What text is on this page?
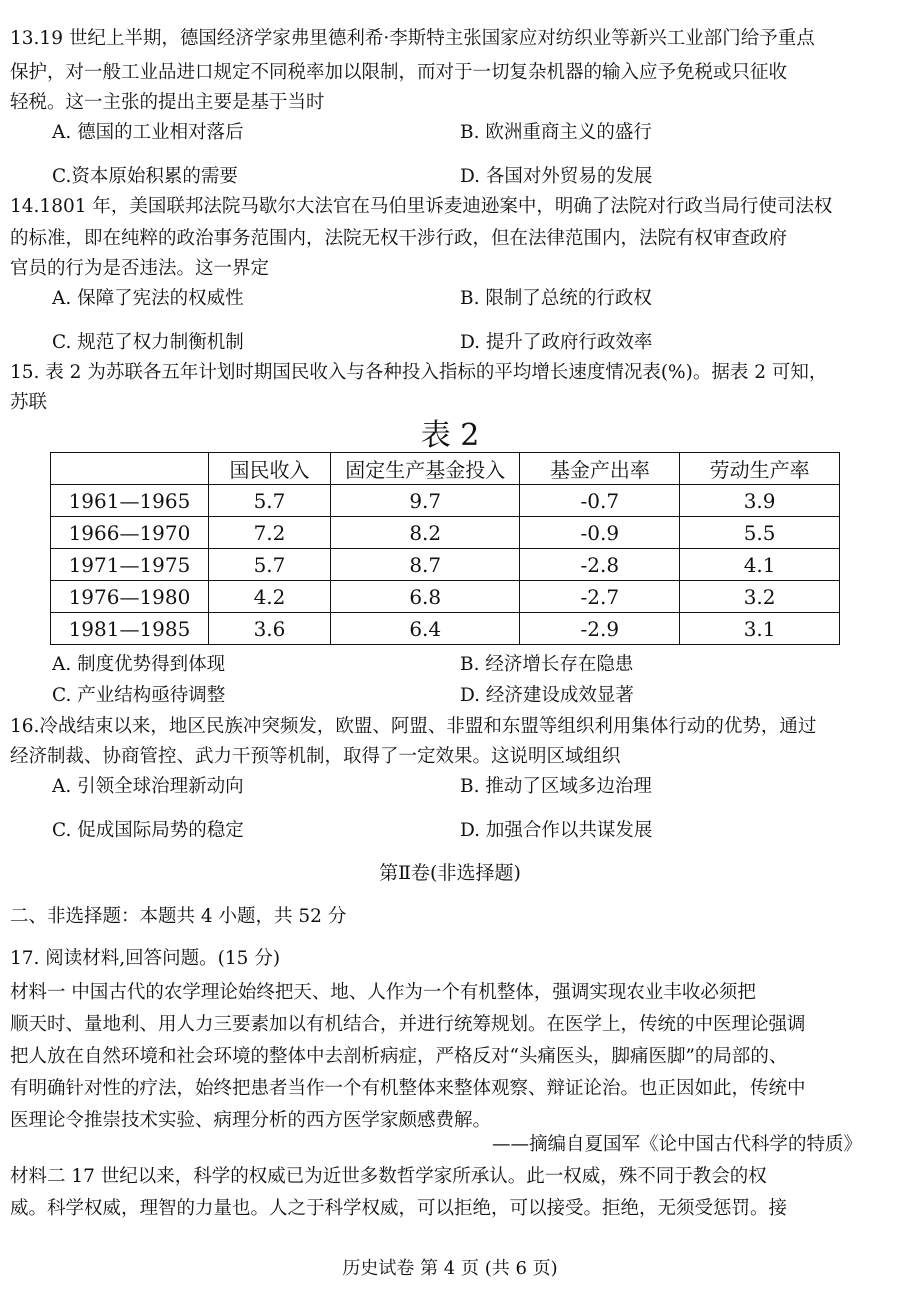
13.19 世纪上半期，德国经济学家弗里德利希·李斯特主张国家应对纺织业等新兴工业部门给予重点
保护，对一般工业品进口规定不同税率加以限制，而对于一切复杂机器的输入应予免税或只征收
轻税。这一主张的提出主要是基于当时
A. 德国的工业相对落后	B. 欧洲重商主义的盛行
C.资本原始积累的需要	D. 各国对外贸易的发展
14.1801 年，美国联邦法院马歇尔大法官在马伯里诉麦迪逊案中，明确了法院对行政当局行使司法权
的标准，即在纯粹的政治事务范围内，法院无权干涉行政，但在法律范围内，法院有权审查政府
官员的行为是否违法。这一界定
A. 保障了宪法的权威性	B. 限制了总统的行政权
C. 规范了权力制衡机制	D. 提升了政府行政效率
15. 表 2 为苏联各五年计划时期国民收入与各种投入指标的平均增长速度情况表(%)。据表 2 可知，
苏联
表 2
	国民收入	固定生产基金投入	基金产出率	劳动生产率
1961—1965	5.7	9.7	-0.7	3.9
1966—1970	7.2	8.2	-0.9	5.5
1971—1975	5.7	8.7	-2.8	4.1
1976—1980	4.2	6.8	-2.7	3.2
1981—1985	3.6	6.4	-2.9	3.1
A. 制度优势得到体现	B. 经济增长存在隐患
C. 产业结构亟待调整	D. 经济建设成效显著
16.冷战结束以来，地区民族冲突频发，欧盟、阿盟、非盟和东盟等组织利用集体行动的优势，通过
经济制裁、协商管控、武力干预等机制，取得了一定效果。这说明区域组织
A. 引领全球治理新动向	B. 推动了区域多边治理
C. 促成国际局势的稳定	D. 加强合作以共谋发展
第Ⅱ卷(非选择题)
二、非选择题：本题共 4 小题，共 52 分
17. 阅读材料,回答问题。(15 分)
材料一 中国古代的农学理论始终把天、地、人作为一个有机整体，强调实现农业丰收必须把
顺天时、量地利、用人力三要素加以有机结合，并进行统筹规划。在医学上，传统的中医理论强调
把人放在自然环境和社会环境的整体中去剖析病症，严格反对“头痛医头，脚痛医脚”的局部的、
有明确针对性的疗法，始终把患者当作一个有机整体来整体观察、辩证论治。也正因如此，传统中
医理论令推崇技术实验、病理分析的西方医学家颇感费解。
——摘编自夏国军《论中国古代科学的特质》
材料二 17 世纪以来，科学的权威已为近世多数哲学家所承认。此一权威，殊不同于教会的权
威。科学权威，理智的力量也。人之于科学权威，可以拒绝，可以接受。拒绝，无须受惩罚。接
历史试卷 第 4 页 (共 6 页)
